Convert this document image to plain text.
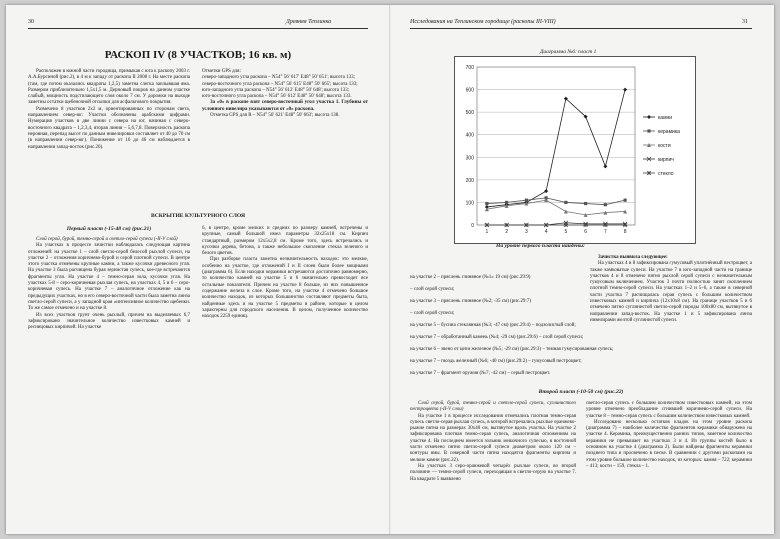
30	Древняя Теплинка
РАСКОП IV (8 УЧАСТКОВ; 16 кв. м)

Расположен в южной части городища, примыкая с юга к раскопу 2003 г. А.А.Бурсиной (рис.2), в 4 м к западу от раскопа II 2008 г. На месте раскопа (там, где потом оказались квадраты 1,2,5) заметна слегка заплывшая яма. Размером приблизительно 1,5х1,5 м. Дерновый покров на данном участке слабый, мощность подстилающего слоя около 7 см. У дорожки на выходе заметны остатки щебеночной отсыпки для асфальтового покрытия.

Размечено 8 участков 2х2 м, ориентированных по сторонам света, направлением север-юг. Участки обозначены арабскими цифрами. Нумерация участков в две линии с севера на юг, начиная с северо-восточного квадрата – 1,2,3,4, вторая линия – 5,6,7,8. Поверхность раскопа неровная, перепад высот по данным нивелировки составляет от 40 до 70 см (в направлении север-юг). Понижение от 16 до 46 см наблюдается в направлении запад-восток (рис.20).

Отметки GPS для:

северо-западного угла раскопа – N54° 56' 617' E48° 50' 651'; высота 133;

северо-восточного угла раскопа – N54° 56' 615' E48° 50' 665'; высота 133;

юго-западного угла раскопа – N54° 56' 612' E48° 50' 648'; высота 133;

юго-восточного угла раскопа – N54° 56' 612' E48° 50' 648'; высота 133.

За «0» в раскопе взят северо-восточный угол участка 1. Глубины от условного нивелира указываются от «0» раскопа.

Отметка GPS для R – N54° 56' 621' E48° 50' 663'; высота 138.

ВСКРЫТИЕ КУЛЬТУРНОГО СЛОЯ
Первый пласт (-15-48 см) (рис.21)

Слой серой, бурой, темно-серой и светло-серой супеси (-II-V слой)

На участках в процессе зачистки наблюдалась следующая картина отложений: на участке 1 – слой светло-серой белесой рыхлой супеси, на участке 2 – отложения коричнево-бурой и серой плотной супеси. В центре этого участка отмечены крупные камни, а также кусочки древесного угля. На участке 3 была расчищена бурая зернистая супесь, кое-где встречаются фрагменты угля. На участке 4 – темно-серая зола, кусочки угля. На участках 5-8 – серо-коричневая рыхлая супесь, на участках 4, 5 и 6 – серо-коричневая супесь. На участке 7 – аналогичное отложение как на предыдущих участках, но в его северо-восточной части была заметна линза светло-серой супеси, а у западной края «интенсивное количество щебенки. То же самое отмечено и на участке 8.

Из всех участков грунт очень рыхлый, причем на выделяемых 6,7 зафиксировано значительное количество известковых камней и ресницовых кирпичей. На участке

6, в центре, кроме мелких и средних по размеру камней, встречены и крупные, самый большой имел параметры 32х25х18 см. Кирпич стандартный, размером 12х5х2,8 см. Кроме того, здесь встречались и кусочки дерева, бетона, а также небольшое скопление стекла зеленого и белого цветов.

При разборке пласта заметна незначительность находок: это мелкие, особенно на участке, где отложений I и II слоев были более мощными (диаграмма 6). Если находки керамики встречаются достаточно равномерно, то количество камней на участке 5 и 6 значительно превосходит все остальные показатели. Причем на участке 8 больше, из них повышенное содержание железа в слое. Кроме того, на участке 4 отмечено большое количество находок, из которых большинство составляют предметы быта, найденные здесь и на участке 5 предметы в районе, которые в целом характерны для городского населения. В целом, полученное количество находок 2259 единиц.

Исследования на Теплинском городище (раскопы III-VIII)	31
Диаграмма №6: пласт 1
0
100
200
300
400
500
600
700
1	2	3	4	5	6	7	8
камни
керамика
кости
кирпич
стекло
На уровне первого пласта найдены:
на участке 2 – пряслень глиняное (№1» 19 см) (рис.29:9)
– слой серой супеси;
на участке 3 – пряслень глиняное (№2; -35 см) (рис.29:7)
– слой серой супеси;
на участке 5 – бусина стеклянная (№3; -47 см) (рис.29:4) – подзолистый слой;
на участке 7 – обработанный камень (№4; -29 см) (рис.29:6) – слой серой супеси;
на участке 6 – звено от цепи железное (№5; -29 см) (рис.29:3) – темная гумусированная супесь;
на участке 7 – гвоздь железный (№6; -40 см) (рис.29:2) – гумусовый пестроцвет;
на участке 7 – фрагмент оружия (№7; -42 см) – серый пестроцвет.

Зачистка выявила следующее:

На участках 4 и 8 зафиксирована гумусовый уплотнённый пестроцвет, а также комковатые супеси. На участке 7 в юго-западной части на границе участков 4 и 8 отмечено пятно рыхлой серой супеси с незначительным гумусовым включением. Участок 3 почти полностью занят скоплением плотной темно-серой супеси. На участках 1–2 и 5–6, а также в северной части участка 7 расчищалась серая супесь с большим количеством известковых камней и кирпича (12х10х8 см). На границе участков 5 и 6 отмечено пятно суглинистой светло-серой породы 100х80 см, вытянутое в направлении запад-восток. На участке 1 и 5 зафиксирована линза нивелирами желтой суглинистой супеси.

Второй пласт (-10-50 см) (рис.22)

Слой серой, бурой, темно-серой и светло-серой супеси, суглинистого пестроцвета (-II-V слои)

На участке 1 в процессе исследования отмечались плотная темно-серая супесь светло-серая рыхлая супесь, в которой встречались рыхлые оранжево-рыжие пятна на размерах 30х40 см, вытянутое вдоль участка. На участке 2 зафиксирована плотная темно-серая супесь, аналогичная отложениям на участке 4. На последнем имеется зольник мешочного супесью, в восточной части отмечено пятно светло-серой супеси диаметром около 120 см – контуры ямы. В северной части пятна находятся фрагменты кирпича и мелкие камни (рис.22).

На участках 3 серо-оранжевой четырёх рыхлые супеси, во второй половине — темно-серой супеси, переходящая в светло-серую на участке 7. На квадрате 5 выявлено

светло-серая супесь с большим количеством известковых камней, на этом уровне отмечено преобладание сгнившей коричнево-серой супеси. На участке 8 – темно-серая супесь с большим количеством известковых камней.

Исследовано несколько остатков кладок на этом уровне раскопа (диаграмма 7) – наиболее количество фрагментов керамики обнаружено на участке 4. Керамика, преимущественно ранних типов, заметное количество керамики не превышает на участках 3 и 4. Из группы костей было в основном на участке 4 (диаграмма 2). Были найдены фрагменты керамики позднего типа и просвечено в песке. В сравнении с другими раскопами на этом уровне большое количество находок, из которых: камня – 722; керамики – 413; кости – 159, стекла – 1.
